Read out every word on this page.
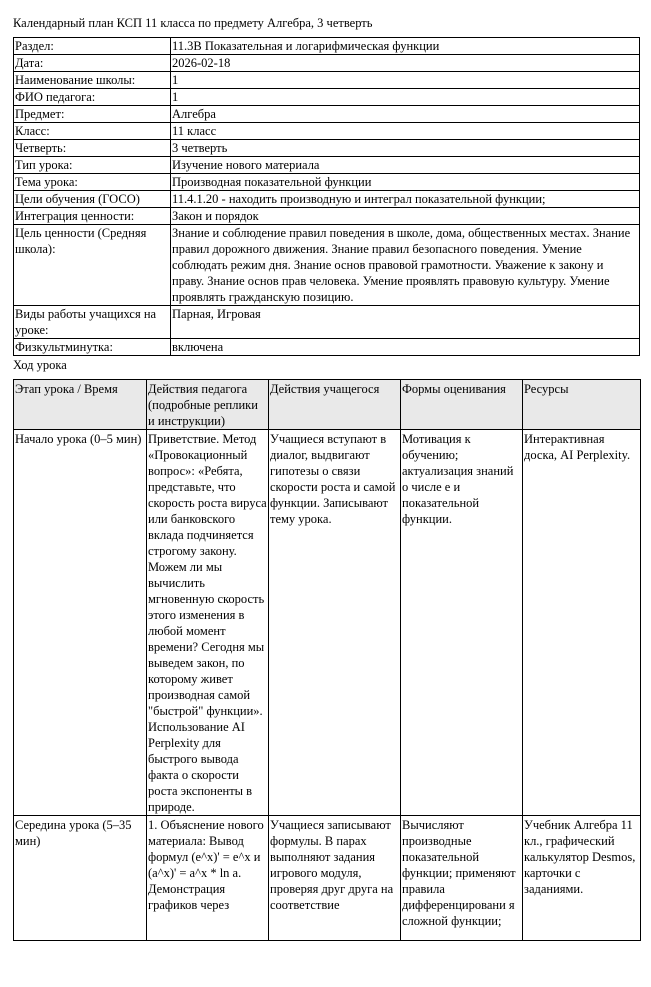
Календарный план КСП 11 класса по предмету Алгебра, 3 четверть
Раздел:	11.3В Показательная и логарифмическая функции
Дата:	2026-02-18
Наименование школы:	1
ФИО педагога:	1
Предмет:	Алгебра
Класс:	11 класс
Четверть:	3 четверть
Тип урока:	Изучение нового материала
Тема урока:	Производная показательной функции
Цели обучения (ГОСО)	11.4.1.20 - находить производную и интеграл показательной функции;
Интеграция ценности:	Закон и порядок
Цель ценности (Средняя школа):	Знание и соблюдение правил поведения в школе, дома, общественных местах. Знание правил дорожного движения. Знание правил безопасного поведения. Умение соблюдать режим дня. Знание основ правовой грамотности. Уважение к закону и праву. Знание основ прав человека. Умение проявлять правовую культуру. Умение проявлять гражданскую позицию.
Виды работы учащихся на уроке:	Парная, Игровая
Физкультминутка:	включена
Ход урока
Этап урока / Время	Действия педагога (подробные реплики и инструкции)	Действия учащегося	Формы оценивания	Ресурсы
Начало урока (0–5 мин)	Приветствие. Метод «Провокационный вопрос»: «Ребята, представьте, что скорость роста вируса или банковского вклада подчиняется строгому закону. Можем ли мы вычислить мгновенную скорость этого изменения в любой момент времени? Сегодня мы выведем закон, по которому живет производная самой "быстрой" функции». Использование AI Perplexity для быстрого вывода факта о скорости роста экспоненты в природе.	Учащиеся вступают в диалог, выдвигают гипотезы о связи скорости роста и самой функции. Записывают тему урока.	Мотивация к обучению; актуализация знаний о числе е и показательной функции.	Интерактивная доска, AI Perplexity.

Середина урока (5–35 мин)	1. Объяснение нового материала: Вывод формул (e^x)' = e^x и (a^x)' = a^x * ln a. Демонстрация графиков через	Учащиеся записывают формулы. В парах выполняют задания игрового модуля, проверяя друг друга на соответствие	Вычисляют производные показательной функции; применяют правила дифференцировани я сложной функции;	Учебник Алгебра 11 кл., графический калькулятор Desmos, карточки с заданиями.
